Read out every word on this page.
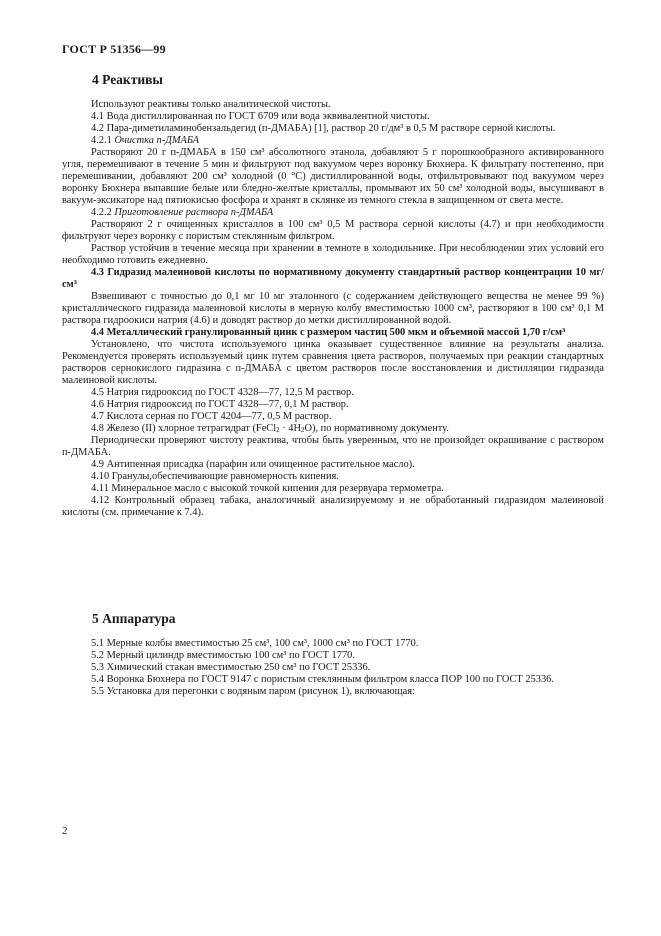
ГОСТ Р 51356—99
4 Реактивы

Используют реактивы только аналитической чистоты.

4.1 Вода дистиллированная по ГОСТ 6709 или вода эквивалентной чистоты.

4.2 Пара-диметиламинобензальдегид (п-ДМАБА) [1], раствор 20 г/дм³ в 0,5 М растворе серной кислоты.

4.2.1 Очистка п-ДМАБА

Растворяют 20 г п-ДМАБА в 150 см³ абсолютного этанола, добавляют 5 г порошкообразного активированного угля, перемешивают в течение 5 мин и фильтруют под вакуумом через воронку Бюхнера. К фильтрату постепенно, при перемешивании, добавляют 200 см³ холодной (0 °С) дистиллированной воды, отфильтровывают под вакуумом через воронку Бюхнера выпавшие белые или бледно-желтые кристаллы, промывают их 50 см³ холодной воды, высушивают в вакуум-эксикаторе над пятиокисью фосфора и хранят в склянке из темного стекла в защищенном от света месте.

4.2.2 Приготовление раствора п-ДМАБА

Растворяют 2 г очищенных кристаллов в 100 см³ 0,5 М раствора серной кислоты (4.7) и при необходимости фильтруют через воронку с пористым стеклянным фильтром.

Раствор устойчив в течение месяца при хранении в темноте в холодильнике. При несоблюдении этих условий его необходимо готовить ежедневно.

4.3 Гидразид малеиновой кислоты по нормативному документу стандартный раствор концентрации 10 мг/см³

Взвешивают с точностью до 0,1 мг 10 мг эталонного (с содержанием действующего вещества не менее 99 %) кристаллического гидразида малеиновой кислоты в мерную колбу вместимостью 1000 см³, растворяют в 100 см³ 0,1 М раствора гидроокиси натрия (4.6) и доводят раствор до метки дистиллированной водой.

4.4 Металлический гранулированный цинк с размером частиц 500 мкм и объемной массой 1,70 г/см³

Установлено, что чистота используемого цинка оказывает существенное влияние на результаты анализа. Рекомендуется проверять используемый цинк путем сравнения цвета растворов, получаемых при реакции стандартных растворов сернокислого гидразина с п-ДМАБА с цветом растворов после восстановления и дистилляции гидразида малеиновой кислоты.

4.5 Натрия гидроокcид по ГОСТ 4328—77, 12,5 М раствор.

4.6 Натрия гидроокcид по ГОСТ 4328—77, 0,1 М раствор.

4.7 Кислота серная по ГОСТ 4204—77, 0,5 М раствор.

4.8 Железо (II) хлорное тетрагидрат (FeCl$_2$ · $4H_2O$), по нормативному документу.

Периодически проверяют чистоту реактива, чтобы быть уверенным, что не произойдет окрашивание с раствором п-ДМАБА.

4.9 Антипенная присадка (парафин или очищенное растительное масло).

4.10 Гранулы,обеспечивающие равномерность кипения.

4.11 Минеральное масло с высокой точкой кипения для резервуара термометра.

4.12 Контрольный образец табака, аналогичный анализируемому и не обработанный гидразидом малеиновой кислоты (см. примечание к 7.4).

5 Аппаратура

5.1 Мерные колбы вместимостью 25 см³, 100 см³, 1000 см³ по ГОСТ 1770.

5.2 Мерный цилиндр вместимостью 100 см³ по ГОСТ 1770.

5.3 Химический стакан вместимостью 250 см³ по ГОСТ 25336.

5.4 Воронка Бюхнера по ГОСТ 9147 с пористым стеклянным фильтром класса ПОР 100 по ГОСТ 25336.

5.5 Установка для перегонки с водяным паром (рисунок 1), включающая:

2
